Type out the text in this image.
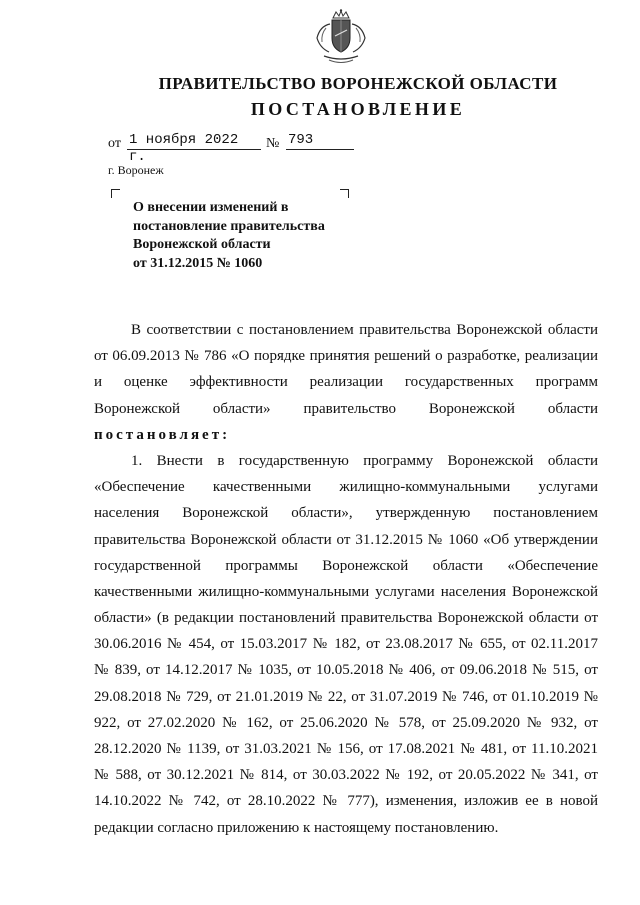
ПРАВИТЕЛЬСТВО ВОРОНЕЖСКОЙ ОБЛАСТИ
ПОСТАНОВЛЕНИЕ
от 1 ноября 2022 г.
№ 793
г. Воронеж
О внесении изменений в
постановление правительства
Воронежской области
от 31.12.2015 № 1060
В соответствии с постановлением правительства Воронежской области
от 06.09.2013 № 786 «О порядке принятия решений о разработке, реализации
и оценке эффективности реализации государственных программ
Воронежской области» правительство Воронежской области
постановляет:
1. Внести в государственную программу Воронежской области
«Обеспечение качественными жилищно-коммунальными услугами
населения Воронежской области», утвержденную постановлением
правительства Воронежской области от 31.12.2015 № 1060 «Об утверждении
государственной программы Воронежской области «Обеспечение
качественными жилищно-коммунальными услугами населения Воронежской
области» (в редакции постановлений правительства Воронежской области от
30.06.2016 № 454, от 15.03.2017 № 182, от 23.08.2017 № 655, от 02.11.2017
№ 839, от 14.12.2017 № 1035, от 10.05.2018 № 406, от 09.06.2018 № 515, от
29.08.2018 № 729, от 21.01.2019 № 22, от 31.07.2019 № 746, от 01.10.2019 №
922, от 27.02.2020 № 162, от 25.06.2020 № 578, от 25.09.2020 № 932, от
28.12.2020 № 1139, от 31.03.2021 № 156, от 17.08.2021 № 481, от 11.10.2021
№ 588, от 30.12.2021 № 814, от 30.03.2022 № 192, от 20.05.2022 № 341, от
14.10.2022 № 742, от 28.10.2022 № 777), изменения, изложив ее в новой
редакции согласно приложению к настоящему постановлению.
